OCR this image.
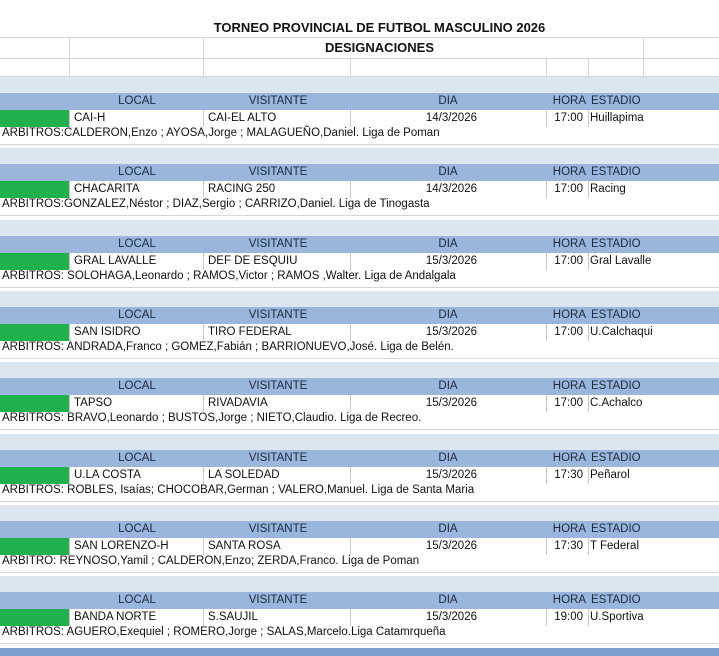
TORNEO PROVINCIAL DE FUTBOL MASCULINO 2026
DESIGNACIONES
LOCAL	VISITANTE	DIA	HORA ESTADIO
CAI-H	CAI-EL ALTO	14/3/2026	17:00 Huillapima
ARBITROS:CALDERON,Enzo ; AYOSA,Jorge ; MALAGUEÑO,Daniel. Liga de Poman
LOCAL	VISITANTE	DIA	HORA ESTADIO
CHACARITA	RACING 250	14/3/2026	17:00 Racing
ARBITROS:GONZALEZ,Néstor ; DIAZ,Sergio ; CARRIZO,Daniel. Liga de Tinogasta
LOCAL	VISITANTE	DIA	HORA ESTADIO
GRAL LAVALLE	DEF DE ESQUIU	15/3/2026	17:00 Gral Lavalle
ARBITROS: SOLOHAGA,Leonardo ; RAMOS,Victor ; RAMOS ,Walter. Liga de Andalgala
LOCAL	VISITANTE	DIA	HORA ESTADIO
SAN ISIDRO	TIRO FEDERAL	15/3/2026	17:00 U.Calchaqui
ARBITROS: ANDRADA,Franco ; GOMEZ,Fabián ; BARRIONUEVO,José. Liga de Belén.
LOCAL	VISITANTE	DIA	HORA ESTADIO
TAPSO	RIVADAVIA	15/3/2026	17:00 C.Achalco
ARBITROS: BRAVO,Leonardo ; BUSTOS,Jorge ; NIETO,Claudio. Liga de Recreo.
LOCAL	VISITANTE	DIA	HORA ESTADIO
U.LA COSTA	LA SOLEDAD	15/3/2026	17:30 Peñarol
ARBITROS: ROBLES, Isaías; CHOCOBAR,German ; VALERO,Manuel. Liga de Santa Maria
LOCAL	VISITANTE	DIA	HORA ESTADIO
SAN LORENZO-H	SANTA ROSA	15/3/2026	17:30 T Federal
ARBITRO: REYNOSO,Yamil ; CALDERON,Enzo; ZERDA,Franco. Liga de Poman
LOCAL	VISITANTE	DIA	HORA ESTADIO
BANDA NORTE	S.SAUJIL	15/3/2026	19:00 U.Sportiva
ARBITROS: AGUERO,Exequiel ; ROMERO,Jorge ; SALAS,Marcelo.Liga Catamrqueña
